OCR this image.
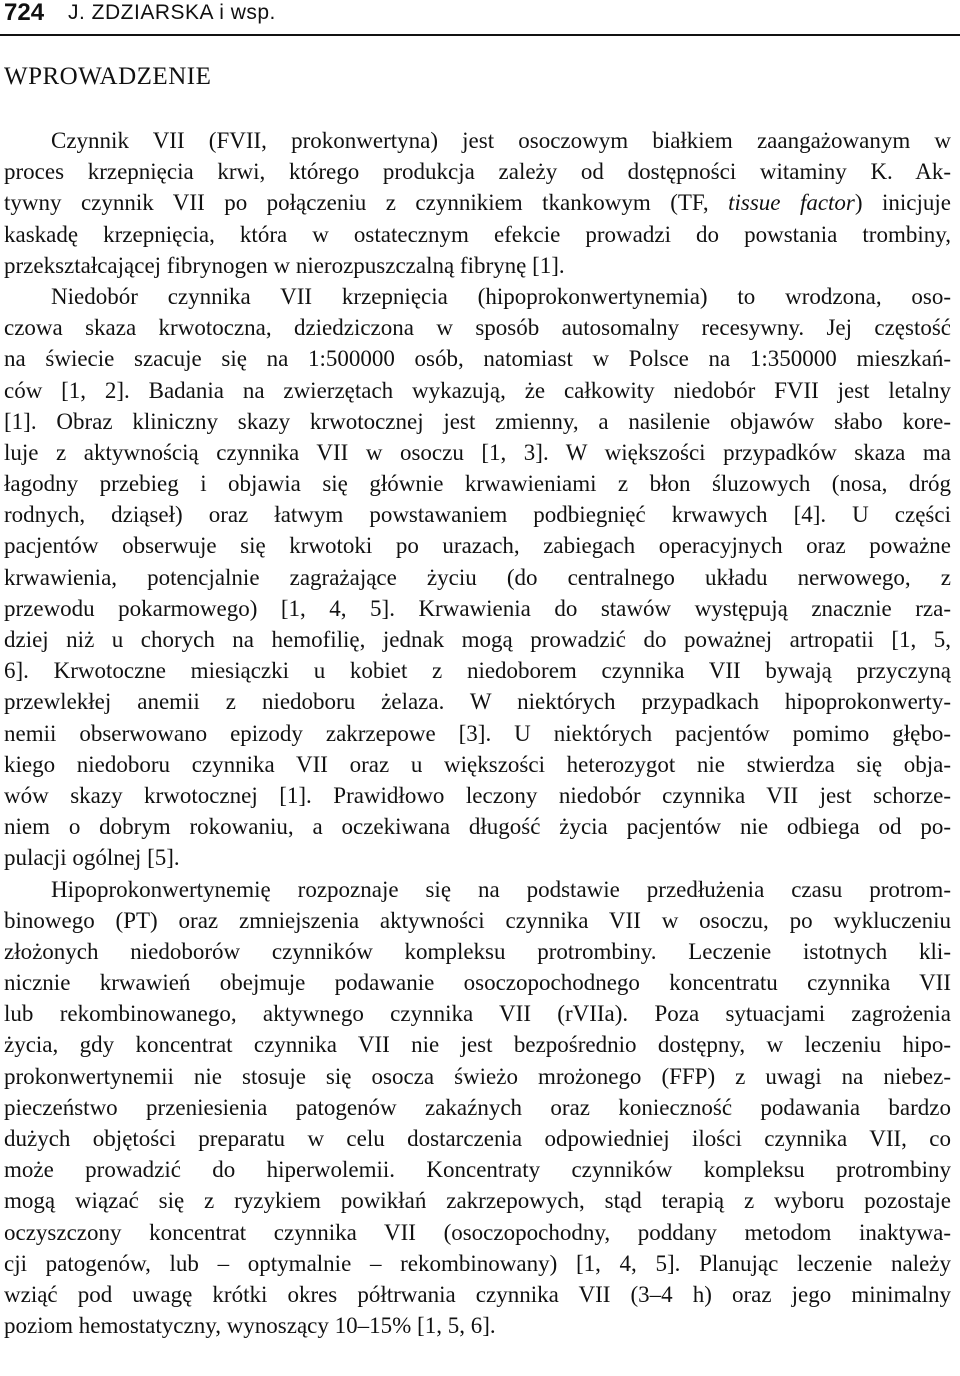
724 J. ZDZIARSKA i wsp.
WPROWADZENIE
Czynnik VII (FVII, prokonwertyna) jest osoczowym białkiem zaangażowanym w
proces krzepnięcia krwi, którego produkcja zależy od dostępności witaminy K. Ak-
tywny czynnik VII po połączeniu z czynnikiem tkankowym (TF, tissue factor) inicjuje
kaskadę krzepnięcia, która w ostatecznym efekcie prowadzi do powstania trombiny,
przekształcającej fibrynogen w nierozpuszczalną fibrynę [1].
Niedobór czynnika VII krzepnięcia (hipoprokonwertynemia) to wrodzona, oso-
czowa skaza krwotoczna, dziedziczona w sposób autosomalny recesywny. Jej częstość
na świecie szacuje się na 1:500000 osób, natomiast w Polsce na 1:350000 mieszkań-
ców [1, 2]. Badania na zwierzętach wykazują, że całkowity niedobór FVII jest letalny
[1]. Obraz kliniczny skazy krwotocznej jest zmienny, a nasilenie objawów słabo kore-
luje z aktywnością czynnika VII w osoczu [1, 3]. W większości przypadków skaza ma
łagodny przebieg i objawia się głównie krwawieniami z błon śluzowych (nosa, dróg
rodnych, dziąseł) oraz łatwym powstawaniem podbiegnięć krwawych [4]. U części
pacjentów obserwuje się krwotoki po urazach, zabiegach operacyjnych oraz poważne
krwawienia, potencjalnie zagrażające życiu (do centralnego układu nerwowego, z
przewodu pokarmowego) [1, 4, 5]. Krwawienia do stawów występują znacznie rza-
dziej niż u chorych na hemofilię, jednak mogą prowadzić do poważnej artropatii [1, 5,
6]. Krwotoczne miesiączki u kobiet z niedoborem czynnika VII bywają przyczyną
przewlekłej anemii z niedoboru żelaza. W niektórych przypadkach hipoprokonwerty-
nemii obserwowano epizody zakrzepowe [3]. U niektórych pacjentów pomimo głębo-
kiego niedoboru czynnika VII oraz u większości heterozygot nie stwierdza się obja-
wów skazy krwotocznej [1]. Prawidłowo leczony niedobór czynnika VII jest schorze-
niem o dobrym rokowaniu, a oczekiwana długość życia pacjentów nie odbiega od po-
pulacji ogólnej [5].
Hipoprokonwertynemię rozpoznaje się na podstawie przedłużenia czasu protrom-
binowego (PT) oraz zmniejszenia aktywności czynnika VII w osoczu, po wykluczeniu
złożonych niedoborów czynników kompleksu protrombiny. Leczenie istotnych kli-
nicznie krwawień obejmuje podawanie osoczopochodnego koncentratu czynnika VII
lub rekombinowanego, aktywnego czynnika VII (rVIIa). Poza sytuacjami zagrożenia
życia, gdy koncentrat czynnika VII nie jest bezpośrednio dostępny, w leczeniu hipo-
prokonwertynemii nie stosuje się osocza świeżo mrożonego (FFP) z uwagi na niebez-
pieczeństwo przeniesienia patogenów zakaźnych oraz konieczność podawania bardzo
dużych objętości preparatu w celu dostarczenia odpowiedniej ilości czynnika VII, co
może prowadzić do hiperwolemii. Koncentraty czynników kompleksu protrombiny
mogą wiązać się z ryzykiem powikłań zakrzepowych, stąd terapią z wyboru pozostaje
oczyszczony koncentrat czynnika VII (osoczopochodny, poddany metodom inaktywa-
cji patogenów, lub – optymalnie – rekombinowany) [1, 4, 5]. Planując leczenie należy
wziąć pod uwagę krótki okres półtrwania czynnika VII (3–4 h) oraz jego minimalny
poziom hemostatyczny, wynoszący 10–15% [1, 5, 6].
